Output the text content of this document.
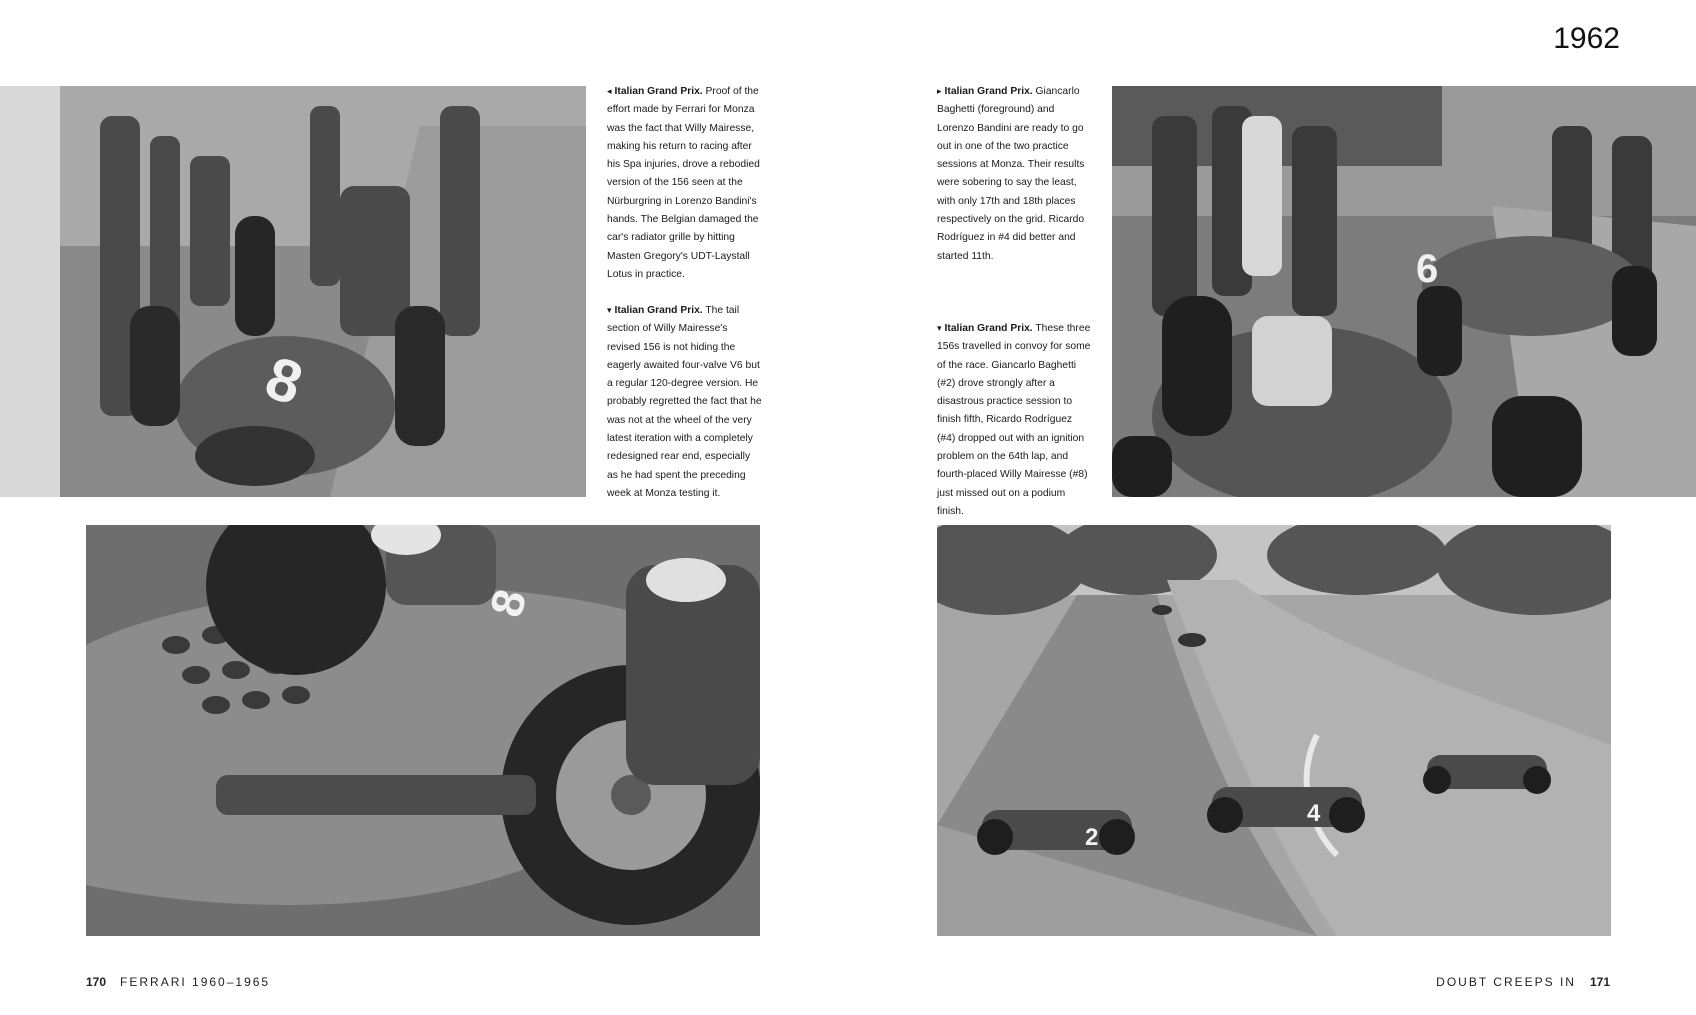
1962
8
◂ Italian Grand Prix. Proof of the effort made by Ferrari for Monza was the fact that Willy Mairesse, making his return to racing after his Spa injuries, drove a rebodied version of the 156 seen at the Nürburgring in Lorenzo Bandini's hands. The Belgian damaged the car's radiator grille by hitting Masten Gregory's UDT-Laystall Lotus in practice.
▾ Italian Grand Prix. The tail section of Willy Mairesse's revised 156 is not hiding the eagerly awaited four-valve V6 but a regular 120-degree version. He probably regretted the fact that he was not at the wheel of the very latest iteration with a completely redesigned rear end, especially as he had spent the preceding week at Monza testing it.
▸ Italian Grand Prix. Giancarlo Baghetti (foreground) and Lorenzo Bandini are ready to go out in one of the two practice sessions at Monza. Their results were sobering to say the least, with only 17th and 18th places respectively on the grid. Ricardo Rodríguez in #4 did better and started 11th.
▾ Italian Grand Prix. These three 156s travelled in convoy for some of the race. Giancarlo Baghetti (#2) drove strongly after a disastrous practice session to finish fifth, Ricardo Rodríguez (#4) dropped out with an ignition problem on the 64th lap, and fourth-placed Willy Mairesse (#8) just missed out on a podium finish.
6
8
2
4
170 FERRARI 1960–1965	DOUBT CREEPS IN 171
